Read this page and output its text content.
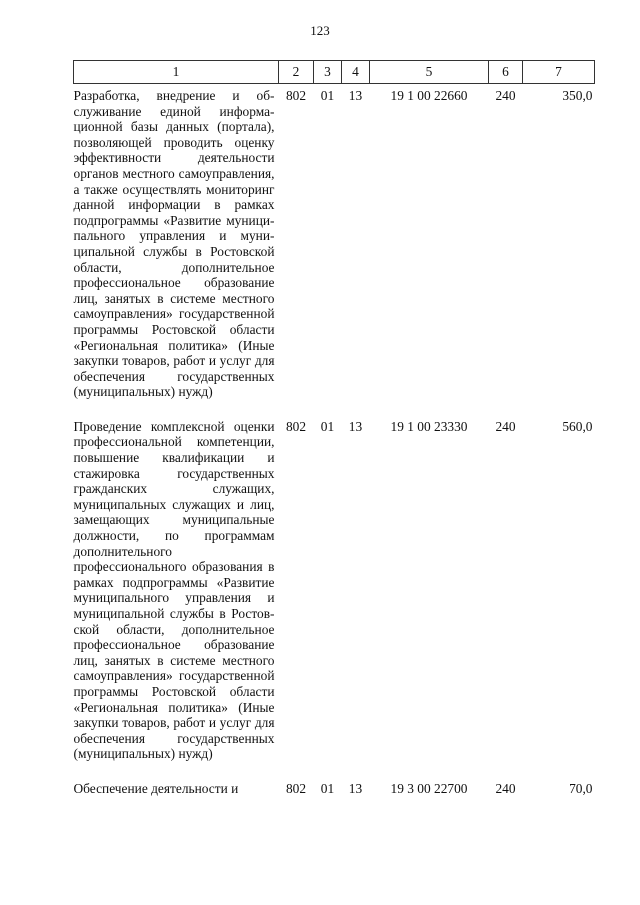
123
1	2	3	4	5	6	7
Разработка, внедрение и обслуживание единой информационной базы данных (портала), позволяющей проводить оценку эффективности деятельности органов местного самоуправления, а также осуществлять мониторинг данной информации в рамках подпрограммы «Развитие муниципального управления и муниципальной службы в Ростовской области, дополнительное профессиональное образование лиц, занятых в системе местного самоуправления» государственной программы Ростовской области «Региональная политика» (Иные закупки товаров, работ и услуг для обеспечения государственных (муниципальных) нужд)	802	01	13	19 1 00 22660	240	350,0
Проведение комплексной оценки профессиональной компетенции, повышение квалификации и стажировка государственных гражданских служащих, муниципальных служащих и лиц, замещающих муниципальные должности, по программам дополнительного профессионального образования в рамках подпрограммы «Развитие муниципального управления и муниципальной службы в Ростовской области, дополнительное профессиональное образование лиц, занятых в системе местного самоуправления» государственной программы Ростовской области «Региональная политика» (Иные закупки товаров, работ и услуг для обеспечения государственных (муниципальных) нужд)	802	01	13	19 1 00 23330	240	560,0
Обеспечение деятельности и	802	01	13	19 3 00 22700	240	70,0
